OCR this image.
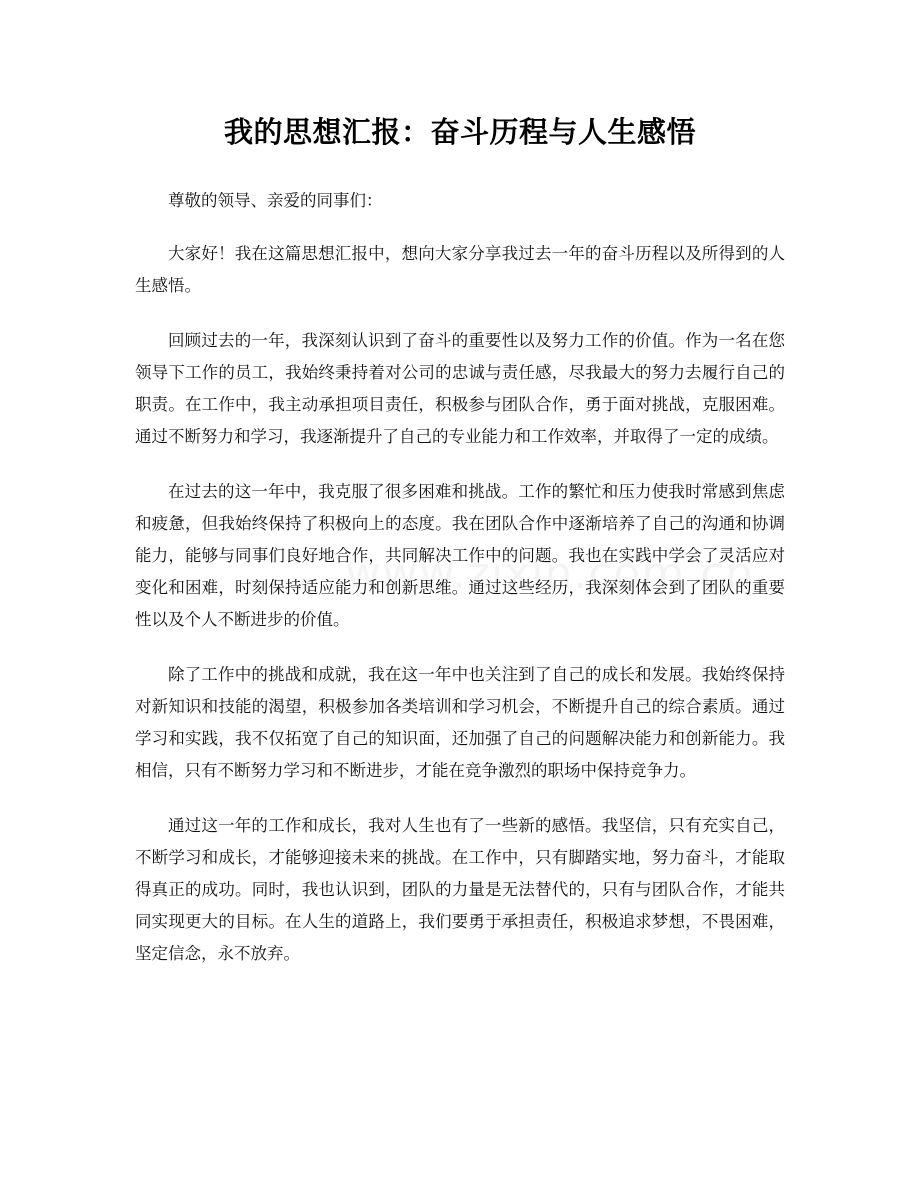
我的思想汇报：奋斗历程与人生感悟

尊敬的领导、亲爱的同事们：

大家好！我在这篇思想汇报中，想向大家分享我过去一年的奋斗历程以及所得到的人生感悟。

回顾过去的一年，我深刻认识到了奋斗的重要性以及努力工作的价值。作为一名在您领导下工作的员工，我始终秉持着对公司的忠诚与责任感，尽我最大的努力去履行自己的职责。在工作中，我主动承担项目责任，积极参与团队合作，勇于面对挑战，克服困难。通过不断努力和学习，我逐渐提升了自己的专业能力和工作效率，并取得了一定的成绩。

在过去的这一年中，我克服了很多困难和挑战。工作的繁忙和压力使我时常感到焦虑和疲惫，但我始终保持了积极向上的态度。我在团队合作中逐渐培养了自己的沟通和协调能力，能够与同事们良好地合作，共同解决工作中的问题。我也在实践中学会了灵活应对变化和困难，时刻保持适应能力和创新思维。通过这些经历，我深刻体会到了团队的重要性以及个人不断进步的价值。

除了工作中的挑战和成就，我在这一年中也关注到了自己的成长和发展。我始终保持对新知识和技能的渴望，积极参加各类培训和学习机会，不断提升自己的综合素质。通过学习和实践，我不仅拓宽了自己的知识面，还加强了自己的问题解决能力和创新能力。我相信，只有不断努力学习和不断进步，才能在竞争激烈的职场中保持竞争力。

通过这一年的工作和成长，我对人生也有了一些新的感悟。我坚信，只有充实自己，不断学习和成长，才能够迎接未来的挑战。在工作中，只有脚踏实地，努力奋斗，才能取得真正的成功。同时，我也认识到，团队的力量是无法替代的，只有与团队合作，才能共同实现更大的目标。在人生的道路上，我们要勇于承担责任，积极追求梦想，不畏困难，坚定信念，永不放弃。
